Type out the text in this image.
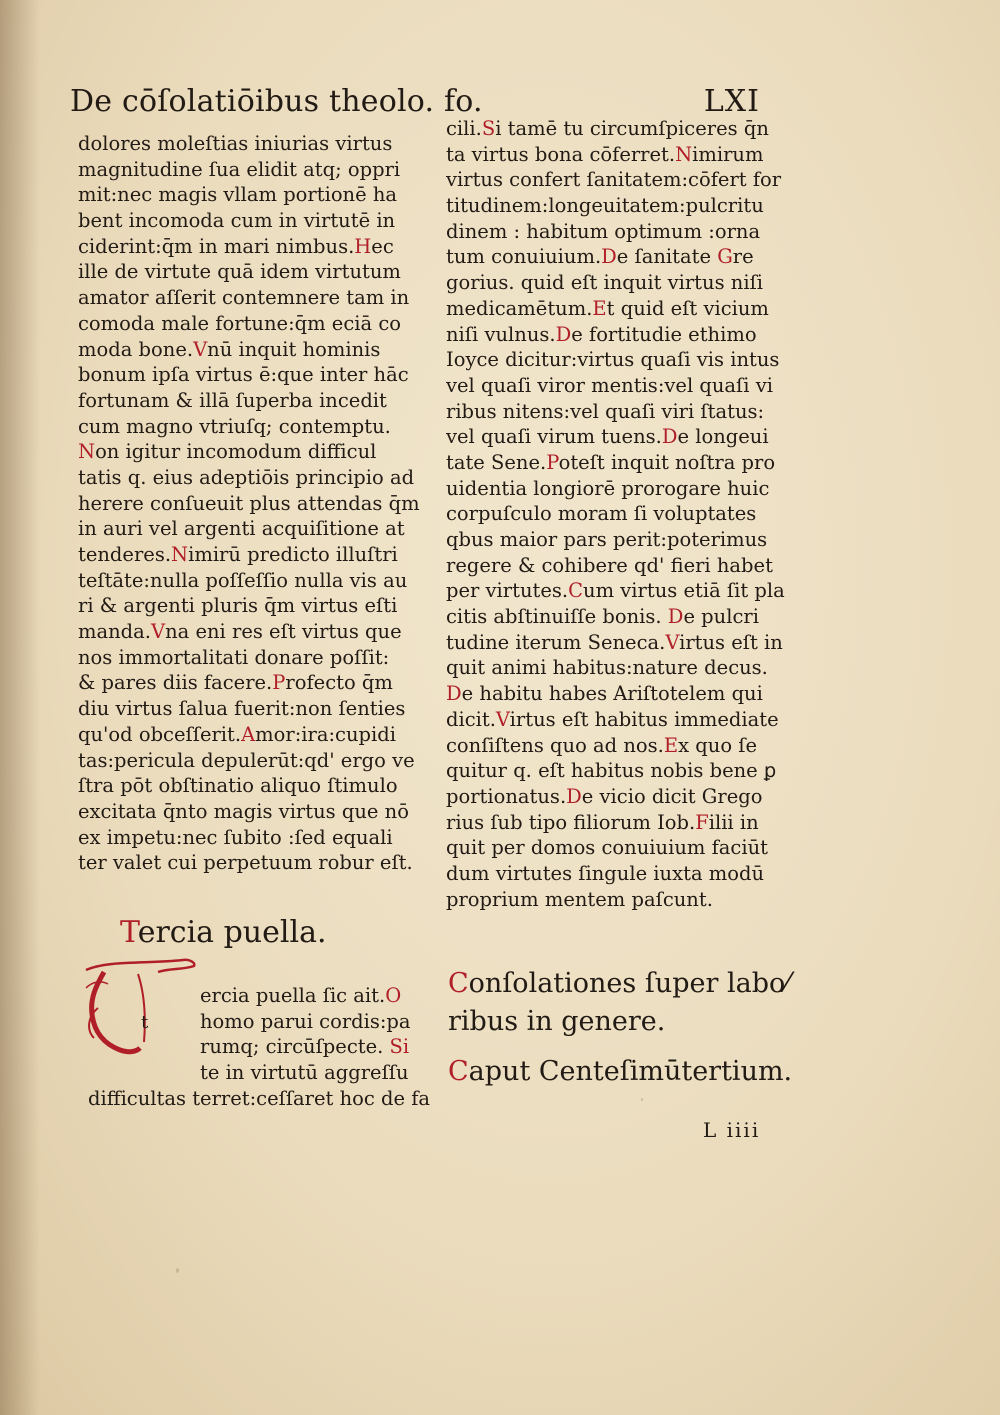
De cōſolatiōibus theolo. fo.	LXI
dolores moleſtias iniurias virtus
magnitudine ſua elidit atq; oppri
mit:nec magis vllam portionē ha
bent incomoda cum in virtutē in
ciderint:q̄m in mari nimbus.Hec
ille de virtute quā idem virtutum
amator aſſerit contemnere tam in
comoda male fortune:q̄m eciā co
moda bone.Vnū inquit hominis
bonum ipſa virtus ē:que inter hāc
fortunam & illā ſuperba incedit
cum magno vtriuſq; contemptu.
Non igitur incomodum difficul
tatis q. eius adeptiōis principio ad
herere conſueuit plus attendas q̄m
in auri vel argenti acquiſitione at
tenderes.Nimirū predicto illuſtri
teſtāte:nulla poſſeſſio nulla vis au
ri & argenti pluris q̄m virtus eſti
manda.Vna eni res eſt virtus que
nos immortalitati donare poſſit:
& pares diis facere.Profecto q̄m
diu virtus ſalua fuerit:non ſenties
qu'od obceſſerit.Amor:ira:cupidi
tas:pericula depulerūt:qd' ergo ve
ſtra pōt obſtinatio aliquo ſtimulo
excitata q̄nto magis virtus que nō
ex impetu:nec ſubito :ſed equali
ter valet cui perpetuum robur eſt.
Tercia puella.
t
ercia puella ſic ait.O
homo parui cordis:pa
rumq; circūſpecte. Si
te in virtutū aggreſſu
difficultas terret:ceſſaret hoc de fa
cili.Si tamē tu circumſpiceres q̄n
ta virtus bona cōferret.Nimirum
virtus confert ſanitatem:cōfert for
titudinem:longeuitatem:pulcritu
dinem : habitum optimum :orna
tum conuiuium.De ſanitate Gre
gorius. quid eſt inquit virtus niſi
medicamētum.Et quid eſt vicium
niſi vulnus.De fortitudie ethimo
Ioyce dicitur:virtus quaſi vis intus
vel quaſi viror mentis:vel quaſi vi
ribus nitens:vel quaſi viri ſtatus:
vel quaſi virum tuens.De longeui
tate Sene.Poteſt inquit noſtra pro
uidentia longiorē prorogare huic
corpuſculo moram ſi voluptates
qbus maior pars perit:poterimus
regere & cohibere qd' fieri habet
per virtutes.Cum virtus etiā ſit pla
citis abſtinuiſſe bonis. De pulcri
tudine iterum Seneca.Virtus eſt in
quit animi habitus:nature decus.
De habitu habes Ariſtotelem qui
dicit.Virtus eſt habitus immediate
conſiſtens quo ad nos.Ex quo ſe
quitur q. eſt habitus nobis bene ꝑ
portionatus.De vicio dicit Grego
rius ſub tipo filiorum Iob.Filii in
quit per domos conuiuium faciūt
dum virtutes ſingule iuxta modū
proprium mentem paſcunt.
Conſolationes ſuper labo⁄
ribus in genere.
Caput Centeſimūtertium.
L iiii
